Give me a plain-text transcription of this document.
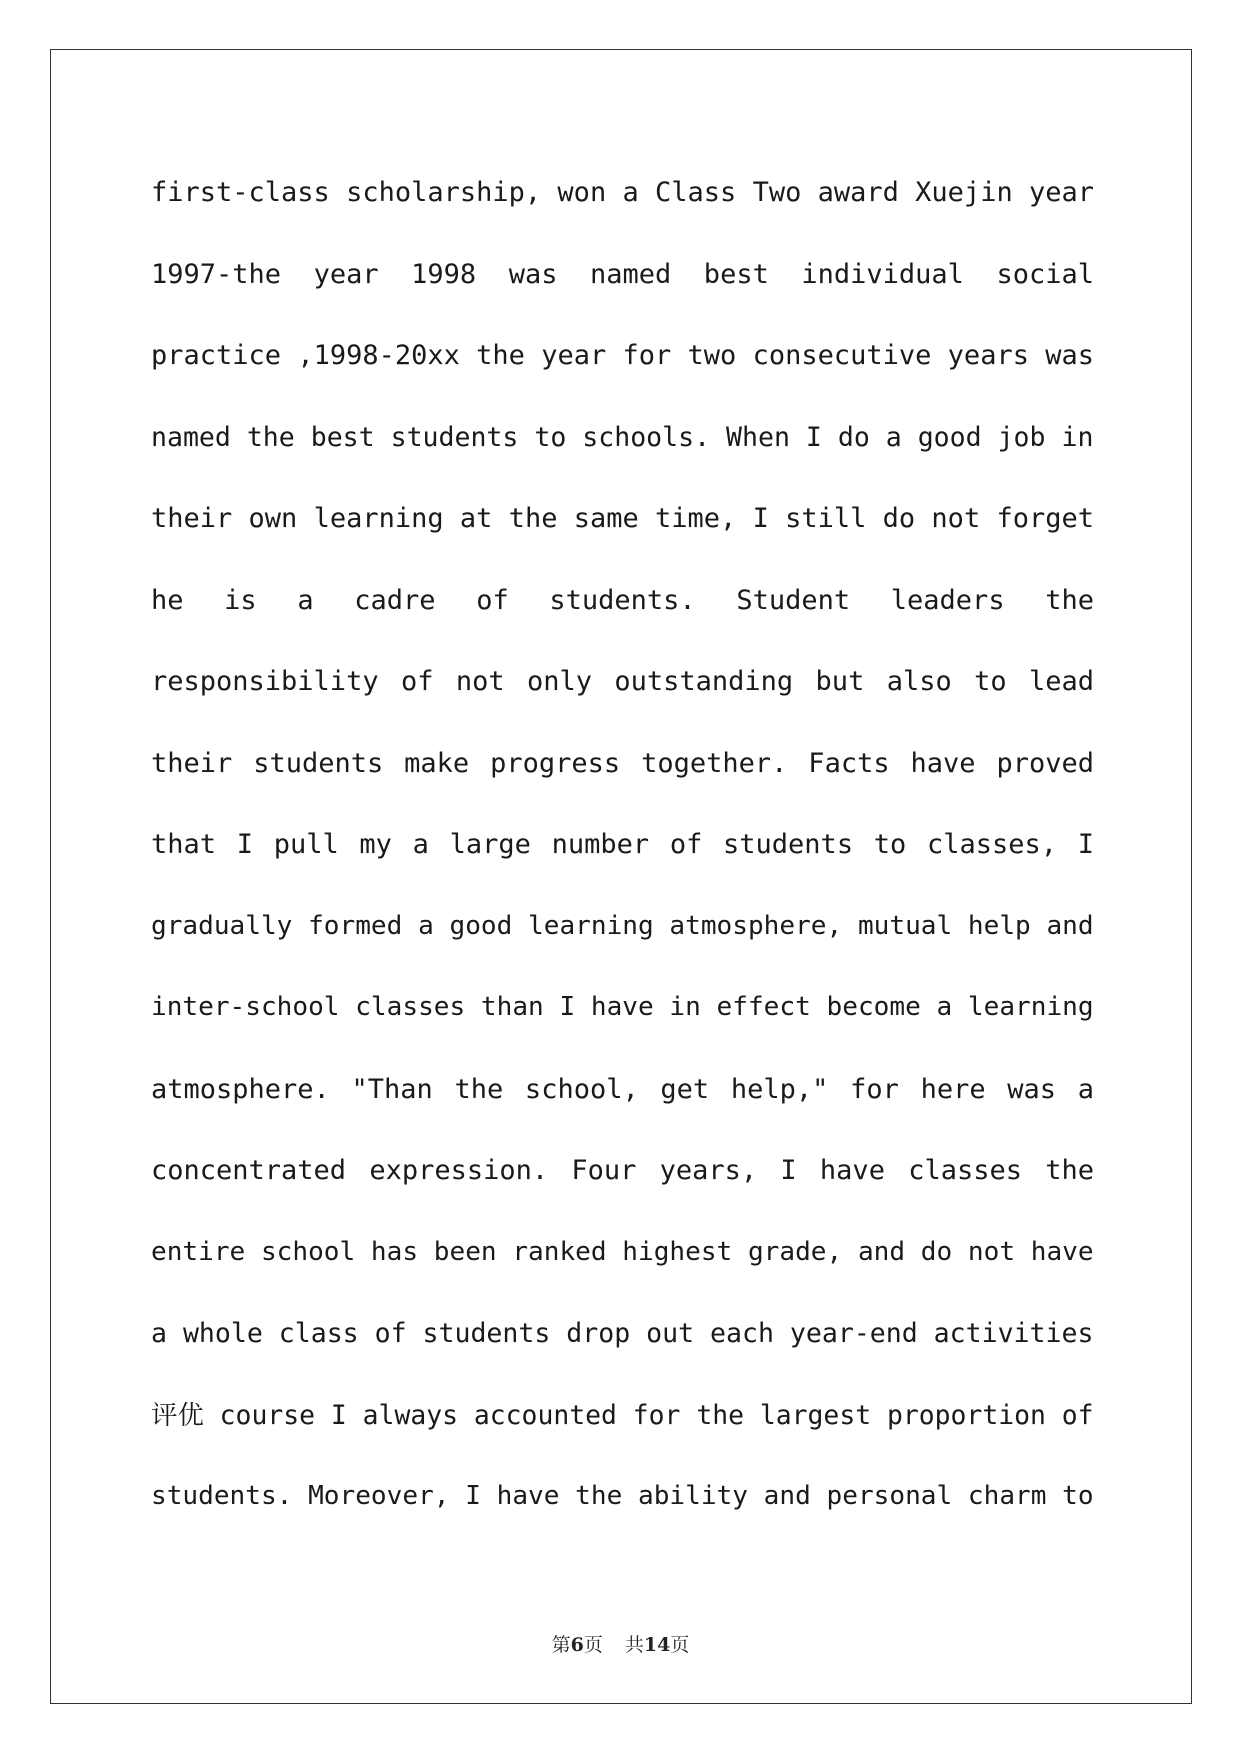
first-class scholarship, won a Class Two award Xuejin year
1997-the year 1998 was named best individual social
practice ,1998-20xx the year for two consecutive years was
named the best students to schools. When I do a good job in
their own learning at the same time, I still do not forget
he is a cadre of students. Student leaders the
responsibility of not only outstanding but also to lead
their students make progress together. Facts have proved
that I pull my a large number of students to classes, I
gradually formed a good learning atmosphere, mutual help and
inter-school classes than I have in effect become a learning
atmosphere. "Than the school, get help," for here was a
concentrated expression. Four years, I have classes the
entire school has been ranked highest grade, and do not have
a whole class of students drop out each year-end activities
评优 course I always accounted for the largest proportion of
students. Moreover, I have the ability and personal charm to
第6页 共14页
